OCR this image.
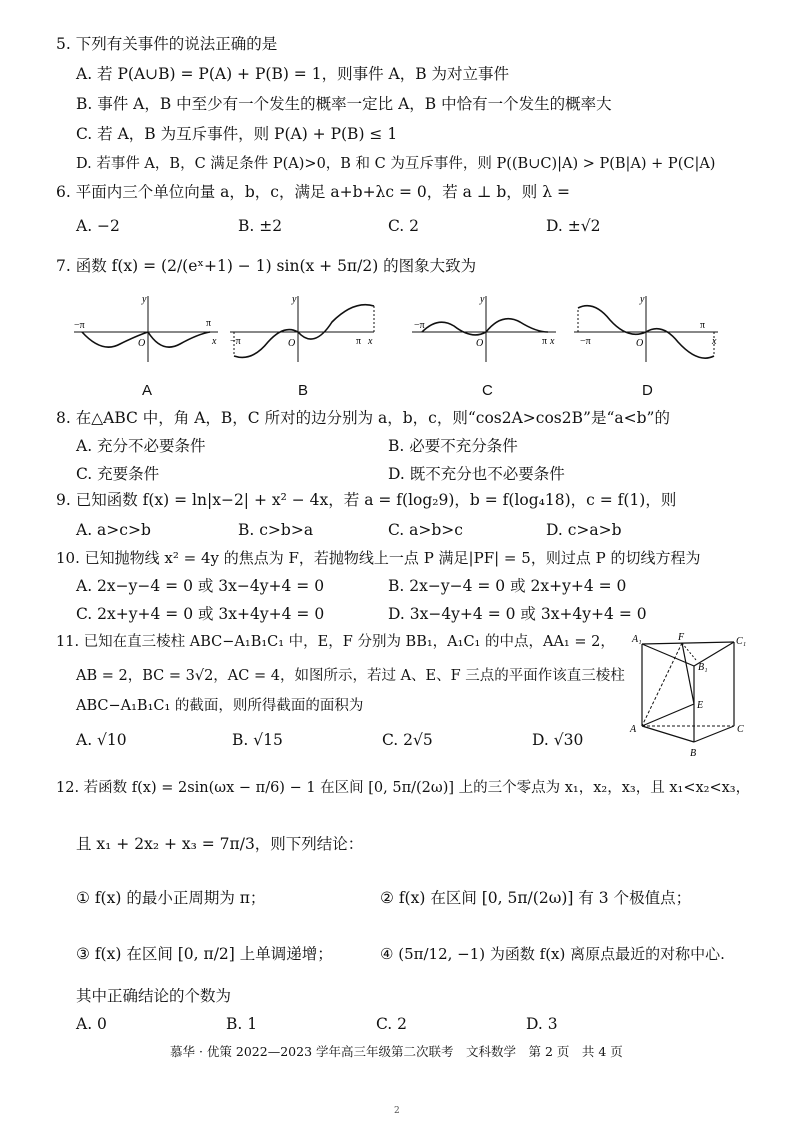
5. 下列有关事件的说法正确的是
A. 若 P(A∪B) = P(A) + P(B) = 1，则事件 A，B 为对立事件
B. 事件 A，B 中至少有一个发生的概率一定比 A，B 中恰有一个发生的概率大
C. 若 A，B 为互斥事件，则 P(A) + P(B) ≤ 1
D. 若事件 A，B，C 满足条件 P(A)>0，B 和 C 为互斥事件，则 P((B∪C)|A) > P(B|A) + P(C|A)
6. 平面内三个单位向量 a，b，c，满足 a+b+λc = 0，若 a ⊥ b，则 λ =
A. −2	B. ±2	C. 2	D. ±√2
7. 函数 f(x) = (2/(eˣ+1) − 1) sin(x + 5π/2) 的图象大致为
−π	π
x
y
O	−π	π x
y
O
−π
π x
y
O	−π
π
x
y
O
A	B	C	D
8. 在△ABC 中，角 A，B，C 所对的边分别为 a，b，c，则“cos2A>cos2B”是“a<b”的
A. 充分不必要条件	B. 必要不充分条件
C. 充要条件	D. 既不充分也不必要条件
9. 已知函数 f(x) = ln|x−2| + x² − 4x，若 a = f(log₂9)，b = f(log₄18)，c = f(1)，则
A. a>c>b	B. c>b>a	C. a>b>c	D. c>a>b
10. 已知抛物线 x² = 4y 的焦点为 F，若抛物线上一点 P 满足|PF| = 5，则过点 P 的切线方程为
A. 2x−y−4 = 0 或 3x−4y+4 = 0	B. 2x−y−4 = 0 或 2x+y+4 = 0
C. 2x+y+4 = 0 或 3x+4y+4 = 0	D. 3x−4y+4 = 0 或 3x+4y+4 = 0
11. 已知在直三棱柱 ABC−A₁B₁C₁ 中，E，F 分别为 BB₁，A₁C₁ 的中点，AA₁ = 2，
AB = 2，BC = 3√2，AC = 4，如图所示，若过 A、E、F 三点的平面作该直三棱柱
ABC−A₁B₁C₁ 的截面，则所得截面的面积为
A. √10	B. √15	C. 2√5	D. √30
A₁	F	C₁
B₁
E
A	C
B
12. 若函数 f(x) = 2sin(ωx − π/6) − 1 在区间 [0, 5π/(2ω)] 上的三个零点为 x₁，x₂，x₃，且 x₁<x₂<x₃，
且 x₁ + 2x₂ + x₃ = 7π/3，则下列结论：
① f(x) 的最小正周期为 π；	② f(x) 在区间 [0, 5π/(2ω)] 有 3 个极值点；
③ f(x) 在区间 [0, π/2] 上单调递增；	④ (5π/12, −1) 为函数 f(x) 离原点最近的对称中心.
其中正确结论的个数为
A. 0	B. 1	C. 2	D. 3
慕华 · 优策 2022—2023 学年高三年级第二次联考　文科数学　第 2 页　共 4 页
2
